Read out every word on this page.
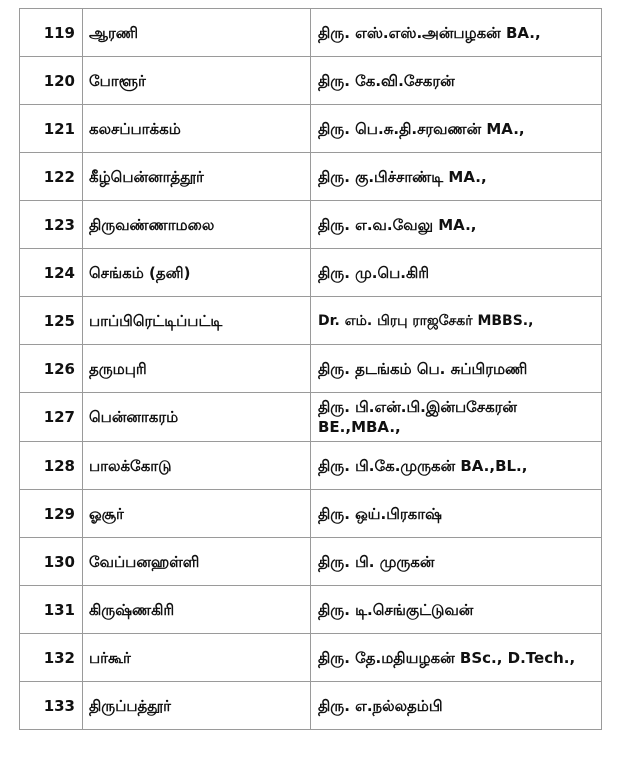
119	ஆரணி	திரு. எஸ்.எஸ்.அன்பழகன் BA.,

120	போளூர்	திரு. கே.வி.சேகரன்

121	கலசப்பாக்கம்	திரு. பெ.சு.தி.சரவணன் MA.,

122	கீழ்பென்னாத்தூர்	திரு. கு.பிச்சாண்டி MA.,

123	திருவண்ணாமலை	திரு. எ.வ.வேலு MA.,

124	செங்கம் (தனி)	திரு. மு.பெ.கிரி

125	பாப்பிரெட்டிப்பட்டி	Dr. எம். பிரபு ராஜசேகர் MBBS.,

126	தருமபுரி	திரு. தடங்கம் பெ. சுப்பிரமணி

127	பென்னாகரம்	திரு. பி.என்.பி.இன்பசேகரன் BE.,MBA.,

128	பாலக்கோடு	திரு. பி.கே.முருகன் BA.,BL.,

129	ஓசூர்	திரு. ஒய்.பிரகாஷ்

130	வேப்பனஹள்ளி	திரு. பி. முருகன்

131	கிருஷ்ணகிரி	திரு. டி.செங்குட்டுவன்

132	பர்கூர்	திரு. தே.மதியழகன் BSc., D.Tech.,

133	திருப்பத்தூர்	திரு. எ.நல்லதம்பி
